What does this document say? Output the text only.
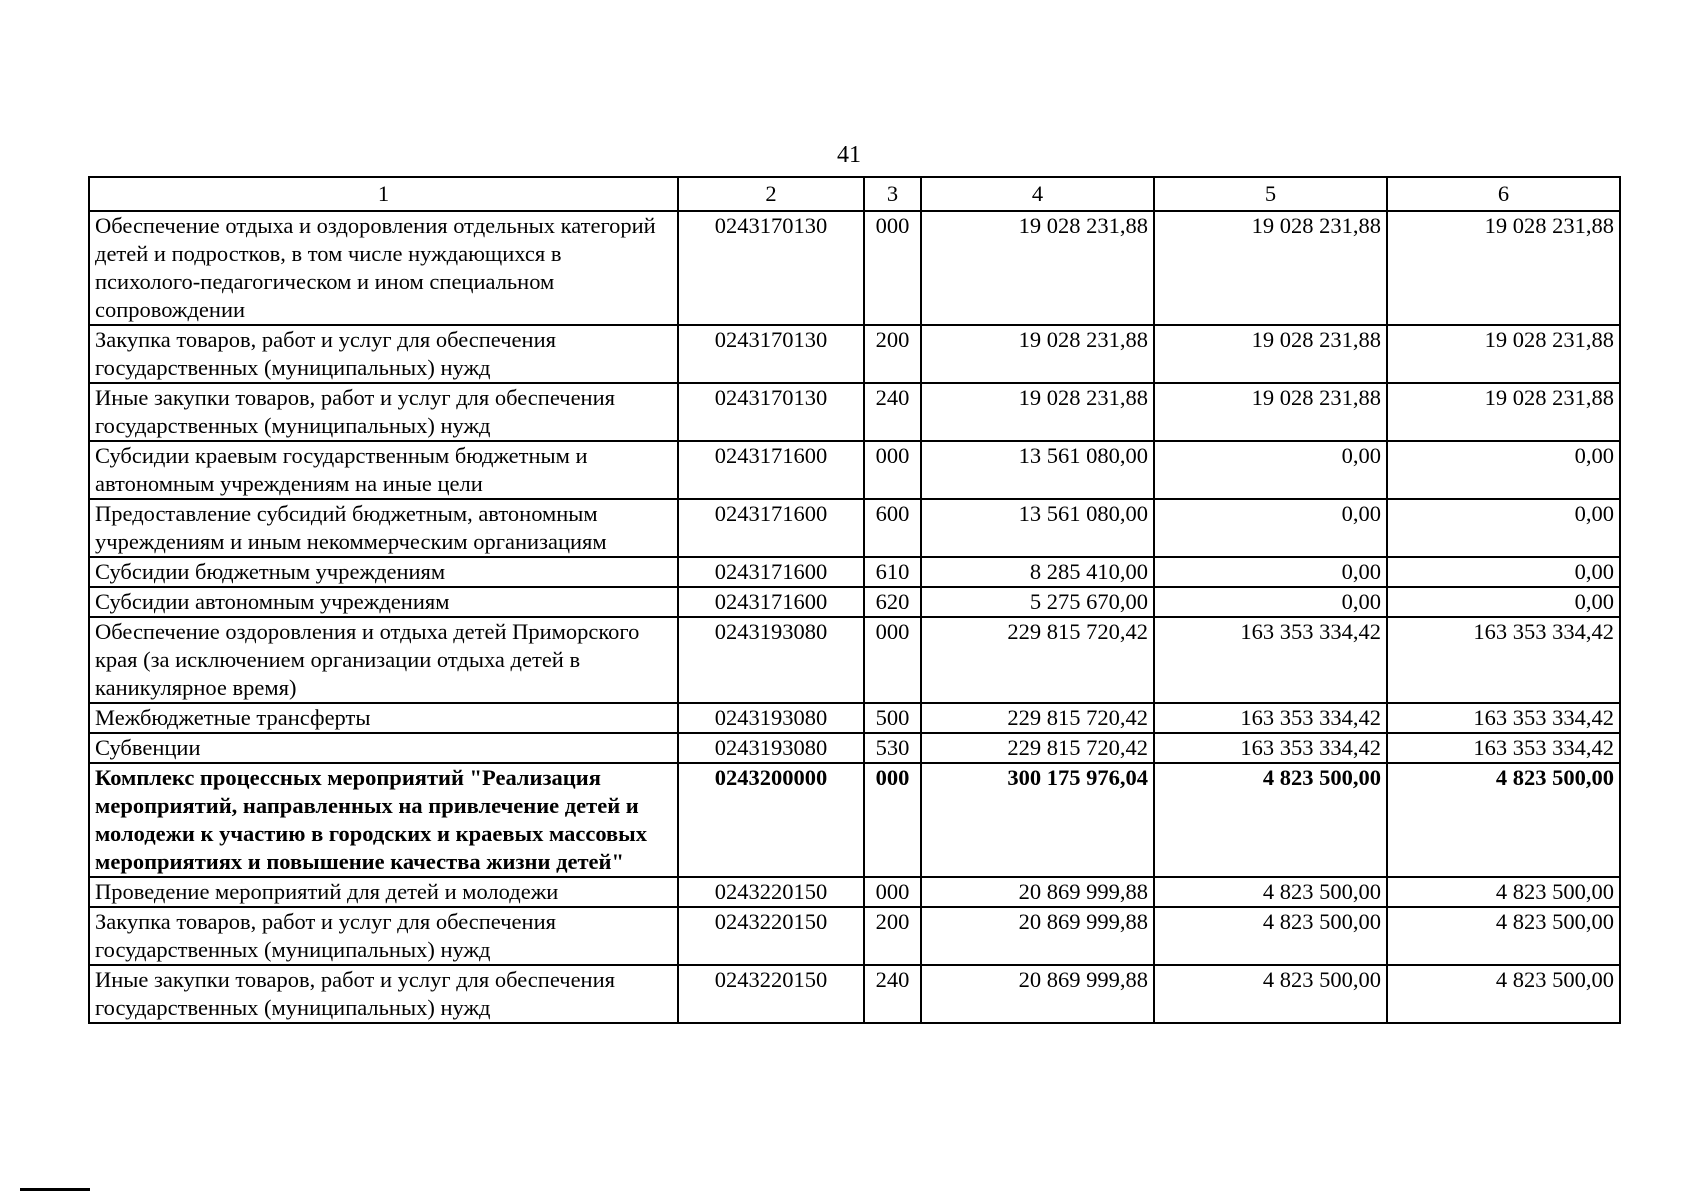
41
1	2	3	4	5	6
Обеспечение отдыха и оздоровления отдельных категорий детей и подростков, в том числе нуждающихся в психолого-педагогическом и ином специальном сопровождении	0243170130	000	19 028 231,88	19 028 231,88	19 028 231,88
Закупка товаров, работ и услуг для обеспечения государственных (муниципальных) нужд	0243170130	200	19 028 231,88	19 028 231,88	19 028 231,88
Иные закупки товаров, работ и услуг для обеспечения государственных (муниципальных) нужд	0243170130	240	19 028 231,88	19 028 231,88	19 028 231,88
Субсидии краевым государственным бюджетным и автономным учреждениям на иные цели	0243171600	000	13 561 080,00	0,00	0,00
Предоставление субсидий бюджетным, автономным учреждениям и иным некоммерческим организациям	0243171600	600	13 561 080,00	0,00	0,00
Субсидии бюджетным учреждениям	0243171600	610	8 285 410,00	0,00	0,00
Субсидии автономным учреждениям	0243171600	620	5 275 670,00	0,00	0,00
Обеспечение оздоровления и отдыха детей Приморского края (за исключением организации отдыха детей в каникулярное время)	0243193080	000	229 815 720,42	163 353 334,42	163 353 334,42
Межбюджетные трансферты	0243193080	500	229 815 720,42	163 353 334,42	163 353 334,42
Субвенции	0243193080	530	229 815 720,42	163 353 334,42	163 353 334,42
Комплекс процессных мероприятий "Реализация мероприятий, направленных на привлечение детей и молодежи к участию в городских и краевых массовых мероприятиях и повышение качества жизни детей"	0243200000	000	300 175 976,04	4 823 500,00	4 823 500,00
Проведение мероприятий для детей и молодежи	0243220150	000	20 869 999,88	4 823 500,00	4 823 500,00
Закупка товаров, работ и услуг для обеспечения государственных (муниципальных) нужд	0243220150	200	20 869 999,88	4 823 500,00	4 823 500,00
Иные закупки товаров, работ и услуг для обеспечения государственных (муниципальных) нужд	0243220150	240	20 869 999,88	4 823 500,00	4 823 500,00
